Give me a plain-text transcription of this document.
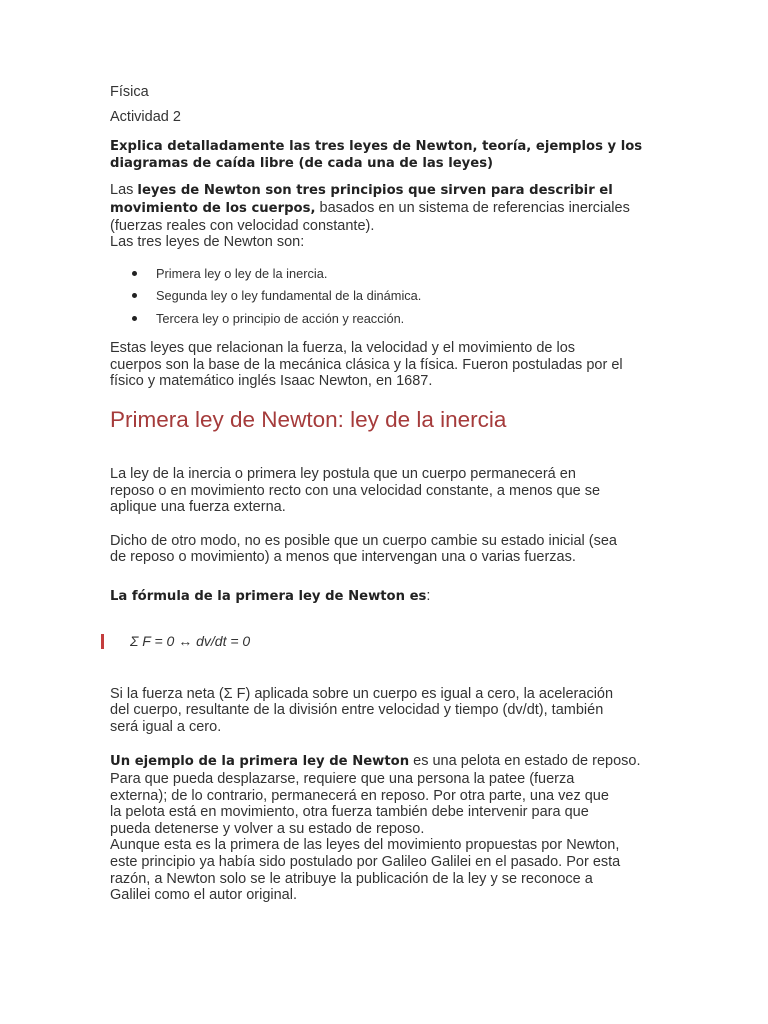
Física

Actividad 2

Explica detalladamente las tres leyes de Newton, teoría, ejemplos y los

diagramas de caída libre (de cada una de las leyes)

Las leyes de Newton son tres principios que sirven para describir el

movimiento de los cuerpos, basados en un sistema de referencias inerciales

(fuerzas reales con velocidad constante).

Las tres leyes de Newton son:

Primera ley o ley de la inercia.
Segunda ley o ley fundamental de la dinámica.
Tercera ley o principio de acción y reacción.

Estas leyes que relacionan la fuerza, la velocidad y el movimiento de los

cuerpos son la base de la mecánica clásica y la física. Fueron postuladas por el

físico y matemático inglés Isaac Newton, en 1687.

Primera ley de Newton: ley de la inercia

La ley de la inercia o primera ley postula que un cuerpo permanecerá en

reposo o en movimiento recto con una velocidad constante, a menos que se

aplique una fuerza externa.

Dicho de otro modo, no es posible que un cuerpo cambie su estado inicial (sea

de reposo o movimiento) a menos que intervengan una o varias fuerzas.

La fórmula de la primera ley de Newton es:

Σ F = 0 ↔ dv/dt = 0

Si la fuerza neta (Σ F) aplicada sobre un cuerpo es igual a cero, la aceleración

del cuerpo, resultante de la división entre velocidad y tiempo (dv/dt), también

será igual a cero.

Un ejemplo de la primera ley de Newton es una pelota en estado de reposo.

Para que pueda desplazarse, requiere que una persona la patee (fuerza

externa); de lo contrario, permanecerá en reposo. Por otra parte, una vez que

la pelota está en movimiento, otra fuerza también debe intervenir para que

pueda detenerse y volver a su estado de reposo.

Aunque esta es la primera de las leyes del movimiento propuestas por Newton,

este principio ya había sido postulado por Galileo Galilei en el pasado. Por esta

razón, a Newton solo se le atribuye la publicación de la ley y se reconoce a

Galilei como el autor original.
